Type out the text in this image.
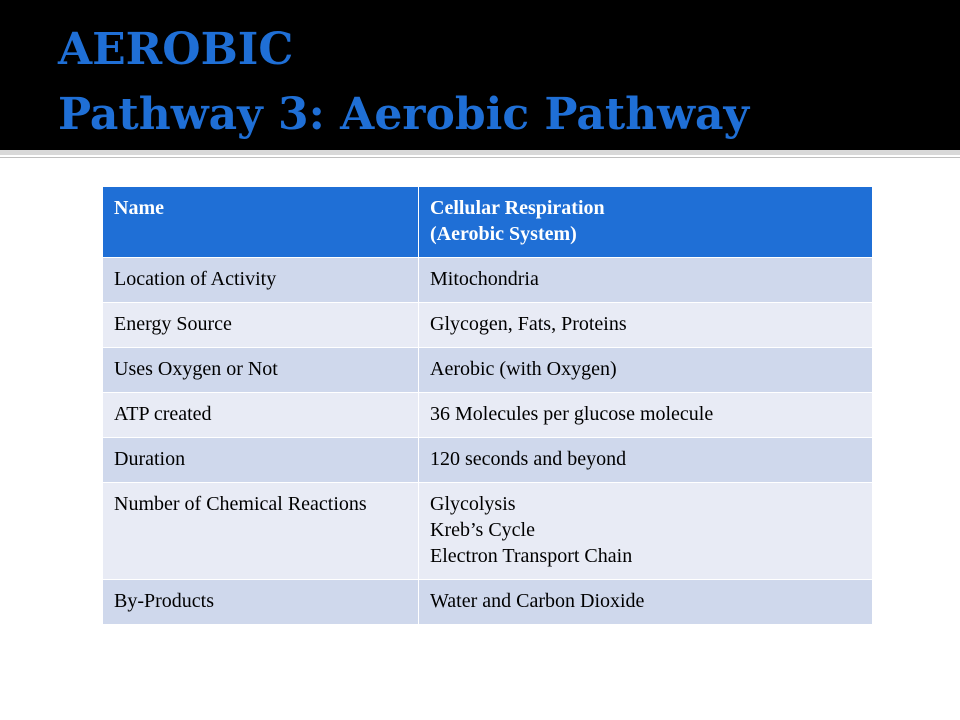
AEROBIC
Pathway 3: Aerobic Pathway
Name	Cellular Respiration
(Aerobic System)

Location of Activity	Mitochondria
Energy Source	Glycogen, Fats, Proteins
Uses Oxygen or Not	Aerobic (with Oxygen)
ATP created	36 Molecules per glucose molecule
Duration	120 seconds and beyond
Number of Chemical Reactions	Glycolysis
Kreb’s Cycle
Electron Transport Chain

By-Products	Water and Carbon Dioxide
